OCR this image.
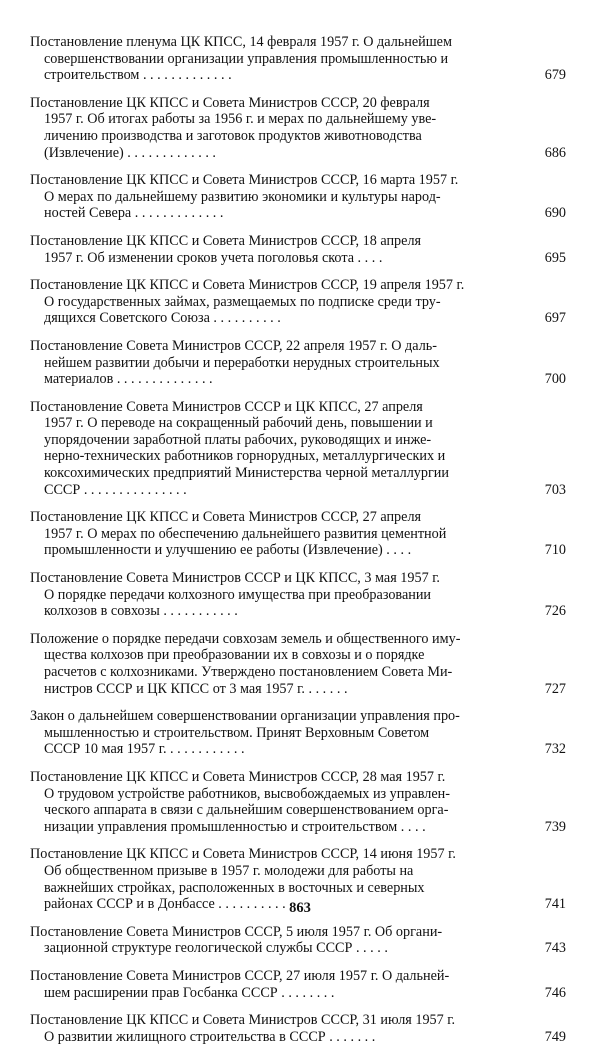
Постановление пленума ЦК КПСС, 14 февраля 1957 г. О дальнейшем
совершенствовании организации управления промышленностью и
строительством . . . . . . . . . . . . .	679
Постановление ЦК КПСС и Совета Министров СССР, 20 февраля
1957 г. Об итогах работы за 1956 г. и мерах по дальнейшему уве-
личению производства и заготовок продуктов животноводства
(Извлечение) . . . . . . . . . . . . .	686
Постановление ЦК КПСС и Совета Министров СССР, 16 марта 1957 г.
О мерах по дальнейшему развитию экономики и культуры народ-
ностей Севера . . . . . . . . . . . . .	690
Постановление ЦК КПСС и Совета Министров СССР, 18 апреля
1957 г. Об изменении сроков учета поголовья скота . . . .	695
Постановление ЦК КПСС и Совета Министров СССР, 19 апреля 1957 г.
О государственных займах, размещаемых по подписке среди тру-
дящихся Советского Союза . . . . . . . . . .	697
Постановление Совета Министров СССР, 22 апреля 1957 г. О даль-
нейшем развитии добычи и переработки нерудных строительных
материалов . . . . . . . . . . . . . .	700
Постановление Совета Министров СССР и ЦК КПСС, 27 апреля
1957 г. О переводе на сокращенный рабочий день, повышении и
упорядочении заработной платы рабочих, руководящих и инже-
нерно-технических работников горнорудных, металлургических и
коксохимических предприятий Министерства черной металлургии
СССР . . . . . . . . . . . . . . .	703
Постановление ЦК КПСС и Совета Министров СССР, 27 апреля
1957 г. О мерах по обеспечению дальнейшего развития цементной
промышленности и улучшению ее работы (Извлечение) . . . .	710
Постановление Совета Министров СССР и ЦК КПСС, 3 мая 1957 г.
О порядке передачи колхозного имущества при преобразовании
колхозов в совхозы . . . . . . . . . . .	726
Положение о порядке передачи совхозам земель и общественного иму-
щества колхозов при преобразовании их в совхозы и о порядке
расчетов с колхозниками. Утверждено постановлением Совета Ми-
нистров СССР и ЦК КПСС от 3 мая 1957 г. . . . . . .	727
Закон о дальнейшем совершенствовании организации управления про-
мышленностью и строительством. Принят Верховным Советом
СССР 10 мая 1957 г. . . . . . . . . . . .	732
Постановление ЦК КПСС и Совета Министров СССР, 28 мая 1957 г.
О трудовом устройстве работников, высвобождаемых из управлен-
ческого аппарата в связи с дальнейшим совершенствованием орга-
низации управления промышленностью и строительством . . . .	739
Постановление ЦК КПСС и Совета Министров СССР, 14 июня 1957 г.
Об общественном призыве в 1957 г. молодежи для работы на
важнейших стройках, расположенных в восточных и северных
районах СССР и в Донбассе . . . . . . . . . .	741
Постановление Совета Министров СССР, 5 июля 1957 г. Об органи-
зационной структуре геологической службы СССР . . . . .	743
Постановление Совета Министров СССР, 27 июля 1957 г. О дальней-
шем расширении прав Госбанка СССР . . . . . . . .	746
Постановление ЦК КПСС и Совета Министров СССР, 31 июля 1957 г.
О развитии жилищного строительства в СССР . . . . . . .	749
863
